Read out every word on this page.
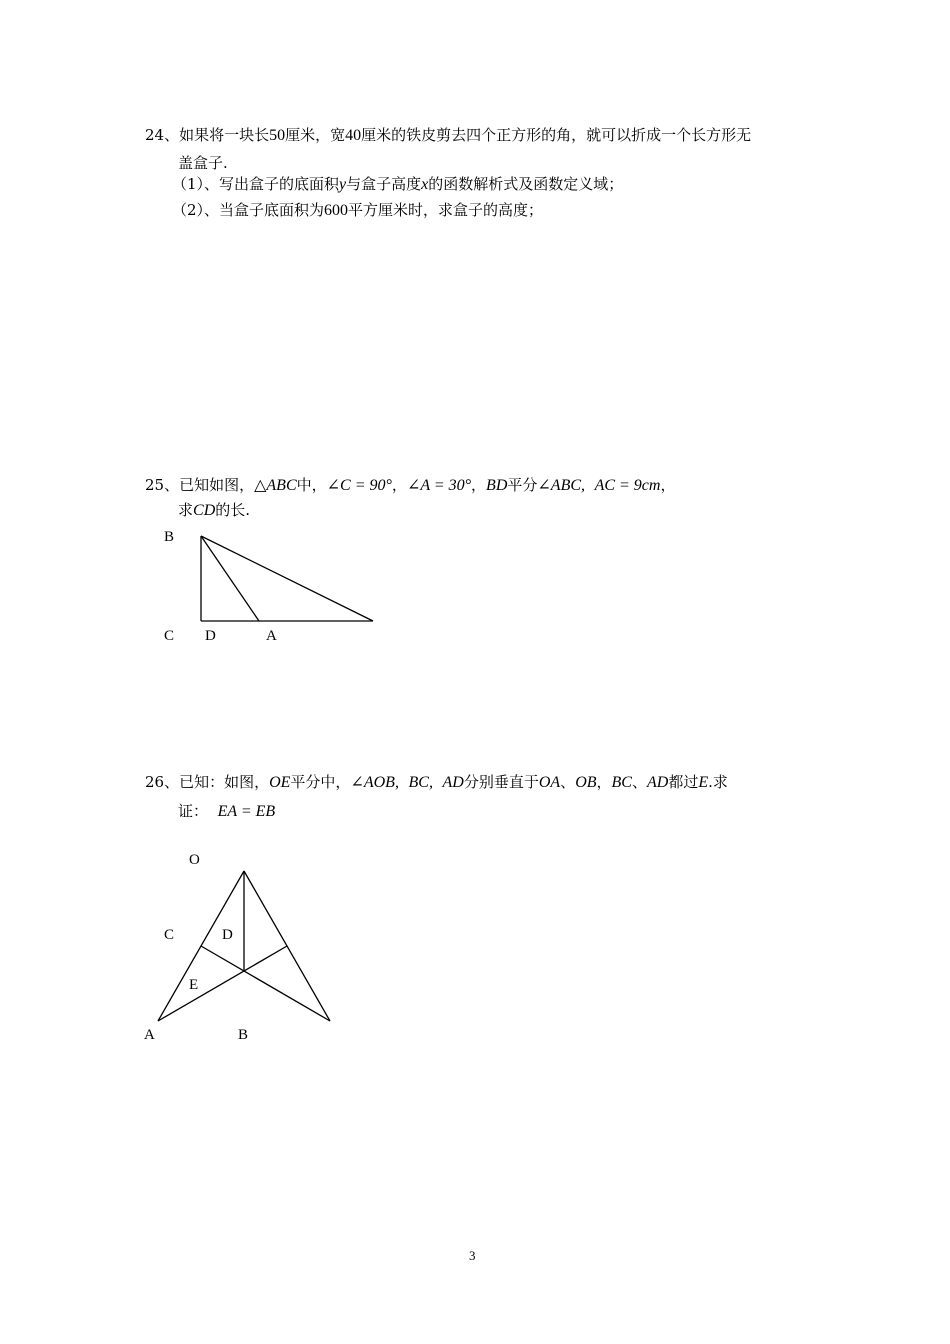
24、如果将一块长50厘米，宽40厘米的铁皮剪去四个正方形的角，就可以折成一个长方形无
盖盒子.
（1）、写出盒子的底面积y与盒子高度x的函数解析式及函数定义域；
（2）、当盒子底面积为600平方厘米时，求盒子的高度；
25、已知如图，△ABC中，∠C = 90°，∠A = 30°，BD平分∠ABC, AC = 9cm，
求CD的长.
B
C D	A
O
C	D
E
A	B
26、已知：如图，OE平分中，∠AOB, BC, AD分别垂直于OA、OB，BC、AD都过E.求
证： EA = EB
3
